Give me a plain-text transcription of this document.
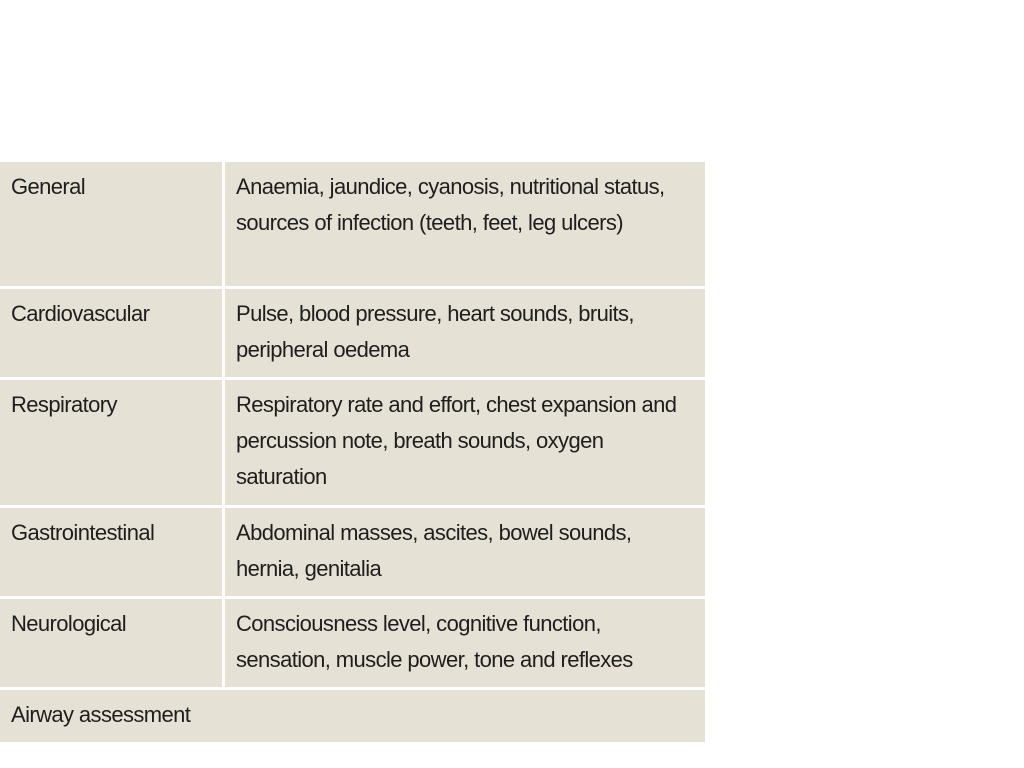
General	Anaemia, jaundice, cyanosis, nutritional status, sources of infection (teeth, feet, leg ulcers)
Cardiovascular	Pulse, blood pressure, heart sounds, bruits, peripheral oedema
Respiratory	Respiratory rate and effort, chest expansion and percussion note, breath sounds, oxygen saturation
Gastrointestinal	Abdominal masses, ascites, bowel sounds, hernia, genitalia
Neurological	Consciousness level, cognitive function, sensation, muscle power, tone and reflexes
Airway assessment
